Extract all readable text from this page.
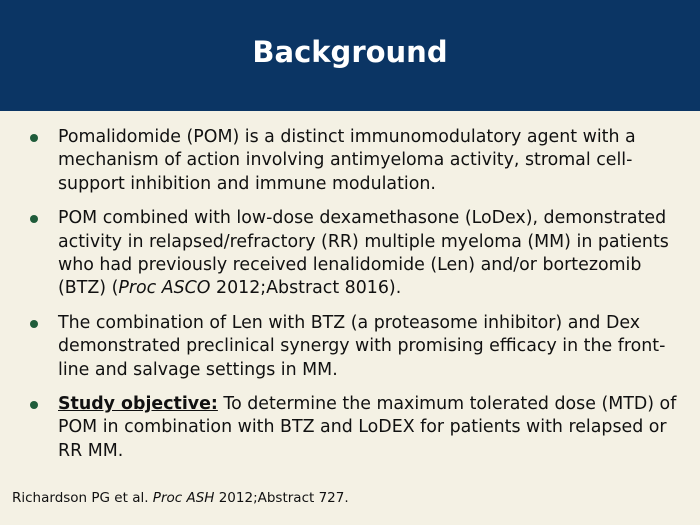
Background
Pomalidomide (POM) is a distinct immunomodulatory agent with a mechanism of action involving antimyeloma activity, stromal cell-support inhibition and immune modulation.
POM combined with low-dose dexamethasone (LoDex), demonstrated activity in relapsed/refractory (RR) multiple myeloma (MM) in patients who had previously received lenalidomide (Len) and/or bortezomib (BTZ) (Proc ASCO 2012;Abstract 8016).
The combination of Len with BTZ (a proteasome inhibitor) and Dex demonstrated preclinical synergy with promising efficacy in the front-line and salvage settings in MM.
Study objective: To determine the maximum tolerated dose (MTD) of POM in combination with BTZ and LoDEX for patients with relapsed or RR MM.
Richardson PG et al. Proc ASH 2012;Abstract 727.
